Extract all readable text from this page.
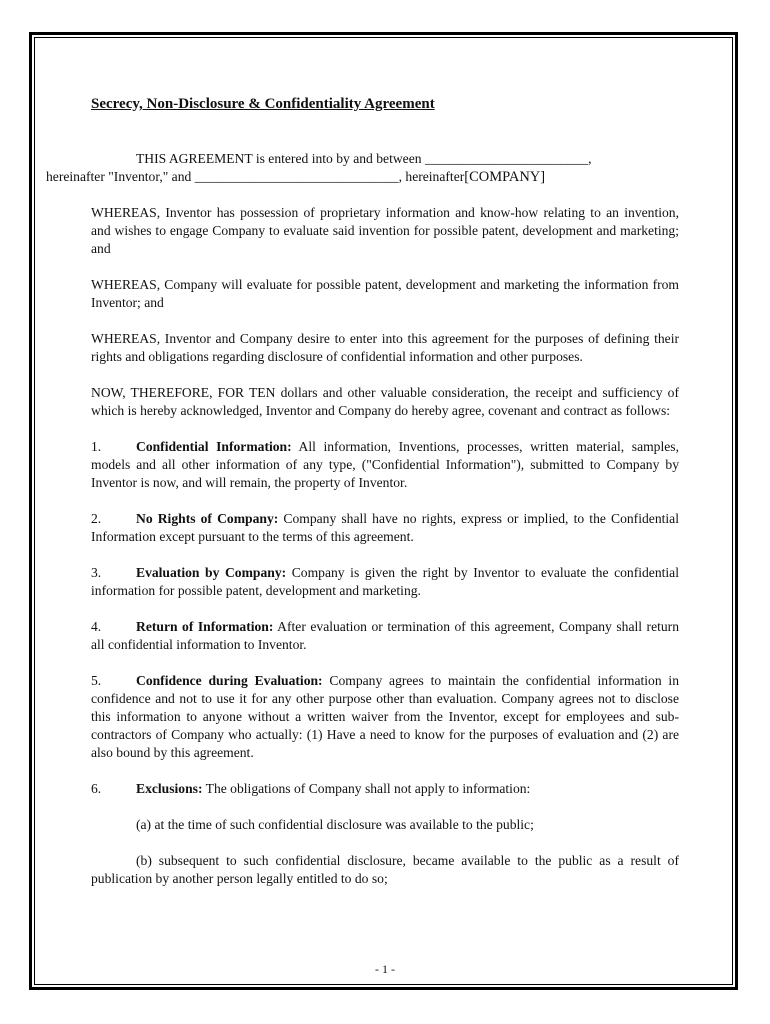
Secrecy, Non-Disclosure & Confidentiality Agreement
THIS AGREEMENT is entered into by and between ________________________,
hereinafter "Inventor," and ______________________________, hereinafter[COMPANY]
WHEREAS, Inventor has possession of proprietary information and know-how relating to an invention, and wishes to engage Company to evaluate said invention for possible patent, development and marketing; and
WHEREAS, Company will evaluate for possible patent, development and marketing the information from Inventor; and
WHEREAS, Inventor and Company desire to enter into this agreement for the purposes of defining their rights and obligations regarding disclosure of confidential information and other purposes.
NOW, THEREFORE, FOR TEN dollars and other valuable consideration, the receipt and sufficiency of which is hereby acknowledged, Inventor and Company do hereby agree, covenant and contract as follows:
1.	Confidential Information: All information, Inventions, processes, written material, samples, models and all other information of any type, ("Confidential Information"), submitted to Company by Inventor is now, and will remain, the property of Inventor.
2.	No Rights of Company: Company shall have no rights, express or implied, to the Confidential Information except pursuant to the terms of this agreement.
3.	Evaluation by Company: Company is given the right by Inventor to evaluate the confidential information for possible patent, development and marketing.
4.	Return of Information: After evaluation or termination of this agreement, Company shall return all confidential information to Inventor.
5.	Confidence during Evaluation: Company agrees to maintain the confidential information in confidence and not to use it for any other purpose other than evaluation. Company agrees not to disclose this information to anyone without a written waiver from the Inventor, except for employees and sub-contractors of Company who actually: (1) Have a need to know for the purposes of evaluation and (2) are also bound by this agreement.
6.	Exclusions: The obligations of Company shall not apply to information:
(a) at the time of such confidential disclosure was available to the public;
(b) subsequent to such confidential disclosure, became available to the public as a result of publication by another person legally entitled to do so;
- 1 -
